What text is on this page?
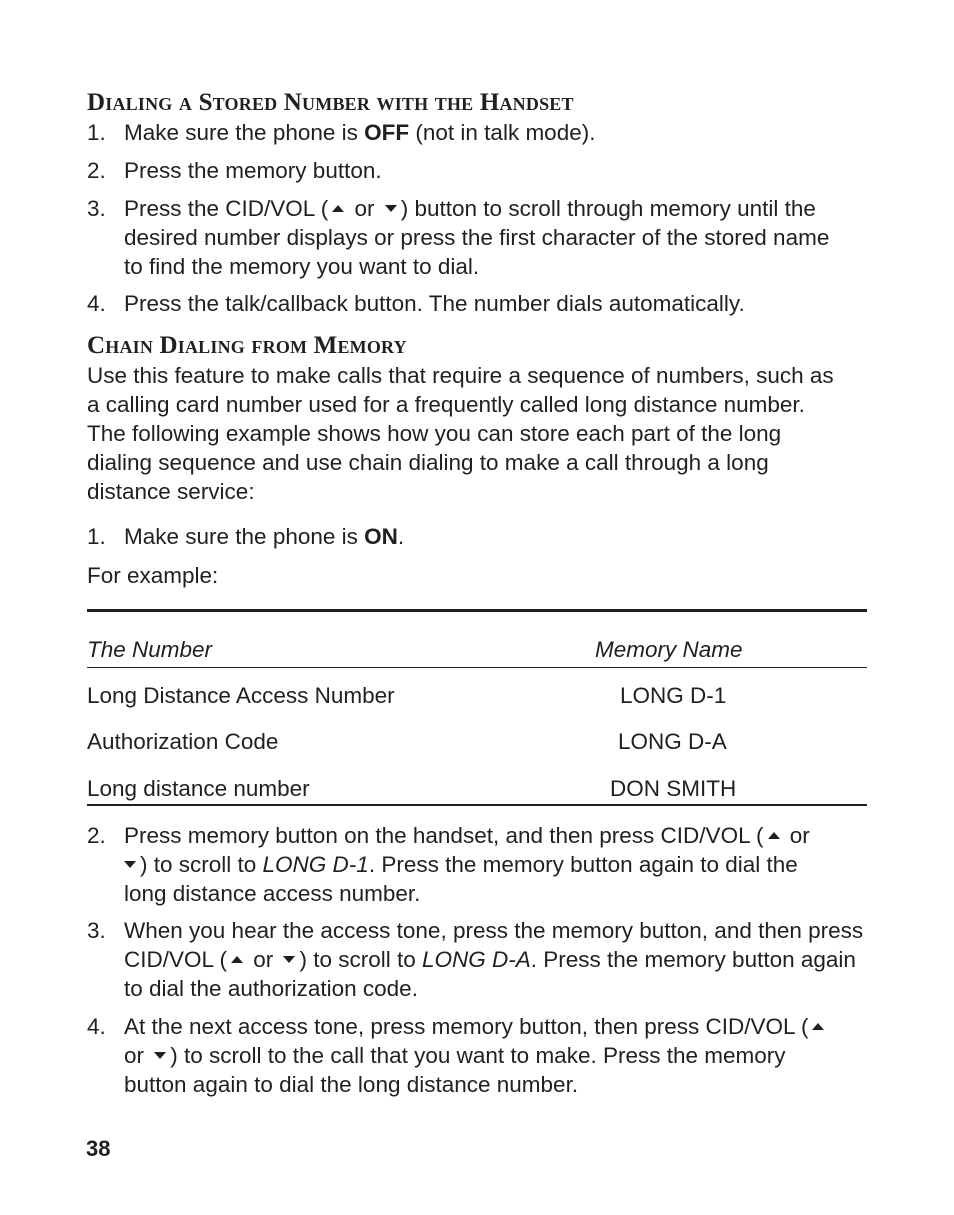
Dialing a Stored Number with the Handset
1. Make sure the phone is OFF (not in talk mode).
2. Press the memory button.
3. Press the CID/VOL ( or ) button to scroll through memory until the
desired number displays or press the first character of the stored name
to find the memory you want to dial.
4. Press the talk/callback button. The number dials automatically.
Chain Dialing from Memory
Use this feature to make calls that require a sequence of numbers, such as
a calling card number used for a frequently called long distance number.
The following example shows how you can store each part of the long
dialing sequence and use chain dialing to make a call through a long
distance service:
1. Make sure the phone is ON.
For example:
The Number	Memory Name
Long Distance Access Number	LONG D-1
Authorization Code	LONG D-A
Long distance number	DON SMITH
2. Press memory button on the handset, and then press CID/VOL ( or
) to scroll to LONG D-1. Press the memory button again to dial the
long distance access number.
3. When you hear the access tone, press the memory button, and then press
CID/VOL ( or ) to scroll to LONG D-A. Press the memory button again
to dial the authorization code.
4. At the next access tone, press memory button, then press CID/VOL (
or ) to scroll to the call that you want to make. Press the memory
button again to dial the long distance number.
38
